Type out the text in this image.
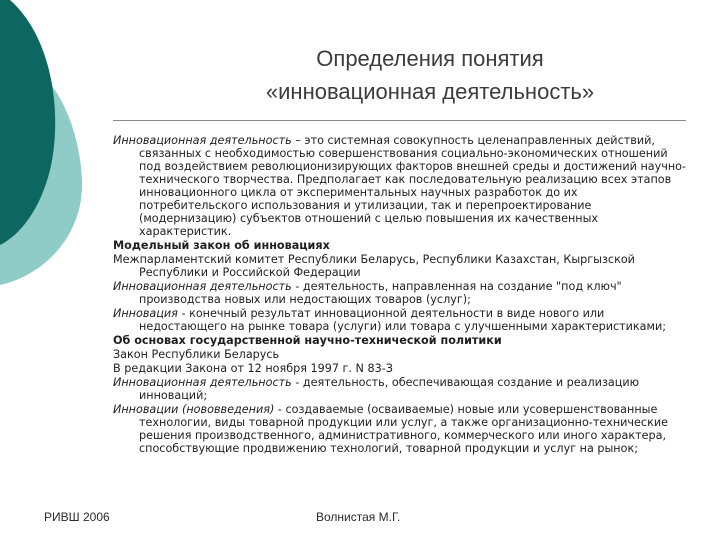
Определения понятия
«инновационная деятельность»

Инновационная деятельность – это системная совокупность целенаправленных действий, связанных с необходимостью совершенствования социально-экономических отношений под воздействием революционизирующих факторов внешней среды и достижений научно-технического творчества. Предполагает как последовательную реализацию всех этапов инновационного цикла от экспериментальных научных разработок до их потребительского использования и утилизации, так и перепроектирование (модернизацию) субъектов отношений с целью повышения их качественных характеристик.

Модельный закон об инновациях

Межпарламентский комитет Республики Беларусь, Республики Казахстан, Кыргызской Республики и Российской Федерации

Инновационная деятельность - деятельность, направленная на создание "под ключ" производства новых или недостающих товаров (услуг);

Инновация - конечный результат инновационной деятельности в виде нового или недостающего на рынке товара (услуги) или товара с улучшенными характеристиками;

Об основах государственной научно-технической политики

Закон Республики Беларусь

В редакции Закона от 12 ноября 1997 г. N 83-З

Инновационная деятельность - деятельность, обеспечивающая создание и реализацию инноваций;

Инновации (нововведения) - создаваемые (осваиваемые) новые или усовершенствованные технологии, виды товарной продукции или услуг, а также организационно-технические решения производственного, административного, коммерческого или иного характера, способствующие продвижению технологий, товарной продукции и услуг на рынок;

РИВШ 2006	Волнистая М.Г.
